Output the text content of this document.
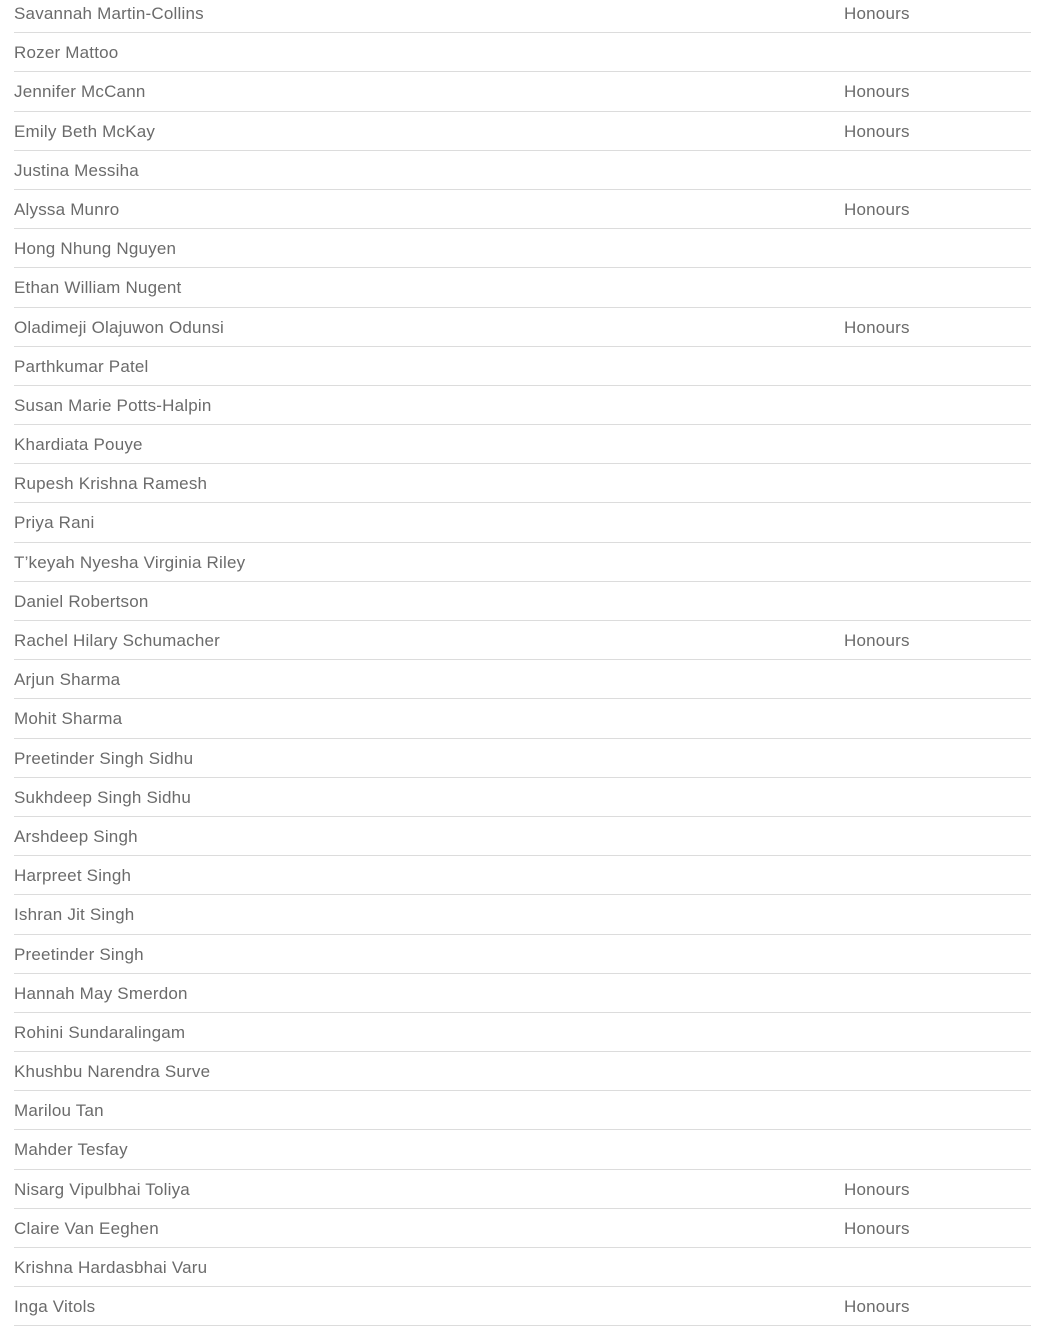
Savannah Martin-Collins	Honours
Rozer Mattoo
Jennifer McCann	Honours
Emily Beth McKay	Honours
Justina Messiha
Alyssa Munro	Honours
Hong Nhung Nguyen
Ethan William Nugent
Oladimeji Olajuwon Odunsi	Honours
Parthkumar Patel
Susan Marie Potts-Halpin
Khardiata Pouye
Rupesh Krishna Ramesh
Priya Rani
T’keyah Nyesha Virginia Riley
Daniel Robertson
Rachel Hilary Schumacher	Honours
Arjun Sharma
Mohit Sharma
Preetinder Singh Sidhu
Sukhdeep Singh Sidhu
Arshdeep Singh
Harpreet Singh
Ishran Jit Singh
Preetinder Singh
Hannah May Smerdon
Rohini Sundaralingam
Khushbu Narendra Surve
Marilou Tan
Mahder Tesfay
Nisarg Vipulbhai Toliya	Honours
Claire Van Eeghen	Honours
Krishna Hardasbhai Varu
Inga Vitols	Honours
